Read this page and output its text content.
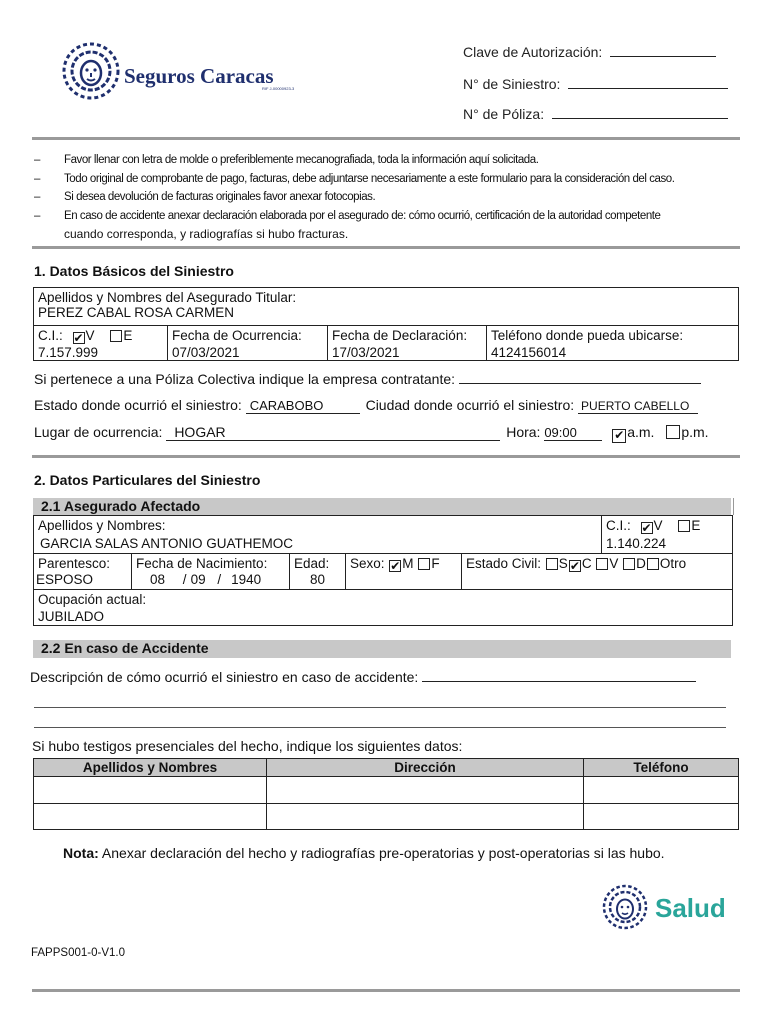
Seguros Caracas
RIF J-00000923-3
Clave de Autorización:
N° de Siniestro:
N° de Póliza:
– Favor llenar con letra de molde o preferiblemente mecanografiada, toda la información aquí solicitada.
– Todo original de comprobante de pago, facturas, debe adjuntarse necesariamente a este formulario para la consideración del caso.
– Si desea devolución de facturas originales favor anexar fotocopias.
– En caso de accidente anexar declaración elaborada por el asegurado de: cómo ocurrió, certificación de la autoridad competente
cuando corresponda, y radiografías si hubo fracturas.
1. Datos Básicos del Siniestro
Apellidos y Nombres del Asegurado Titular:
PEREZ CABAL ROSA CARMEN
C.I.: ✔ V E
7.157.999
Fecha de Ocurrencia:
07/03/2021
Fecha de Declaración:
17/03/2021
Teléfono donde pueda ubicarse:
4124156014
Si pertenece a una Póliza Colectiva indique la empresa contratante:
Estado donde ocurrió el siniestro: CARABOBO	Ciudad donde ocurrió el siniestro: PUERTO CABELLO
Lugar de ocurrencia: HOGAR	Hora: 09:00	✔ a.m. p.m.
2. Datos Particulares del Siniestro
2.1 Asegurado Afectado
Apellidos y Nombres:
GARCIA SALAS ANTONIO GUATHEMOC
C.I.: ✔ V E
1.140.224
Parentesco:
ESPOSO
Fecha de Nacimiento:
08 / 09 / 1940
Edad:
80
Sexo: ✔ M F Estado Civil: S ✔ C V D Otro
Ocupación actual:
JUBILADO
2.2 En caso de Accidente
Descripción de cómo ocurrió el siniestro en caso de accidente:
Si hubo testigos presenciales del hecho, indique los siguientes datos:
Apellidos y Nombres	Dirección	Teléfono

Nota: Anexar declaración del hecho y radiografías pre-operatorias y post-operatorias si las hubo.
Salud
FAPPS001-0-V1.0
